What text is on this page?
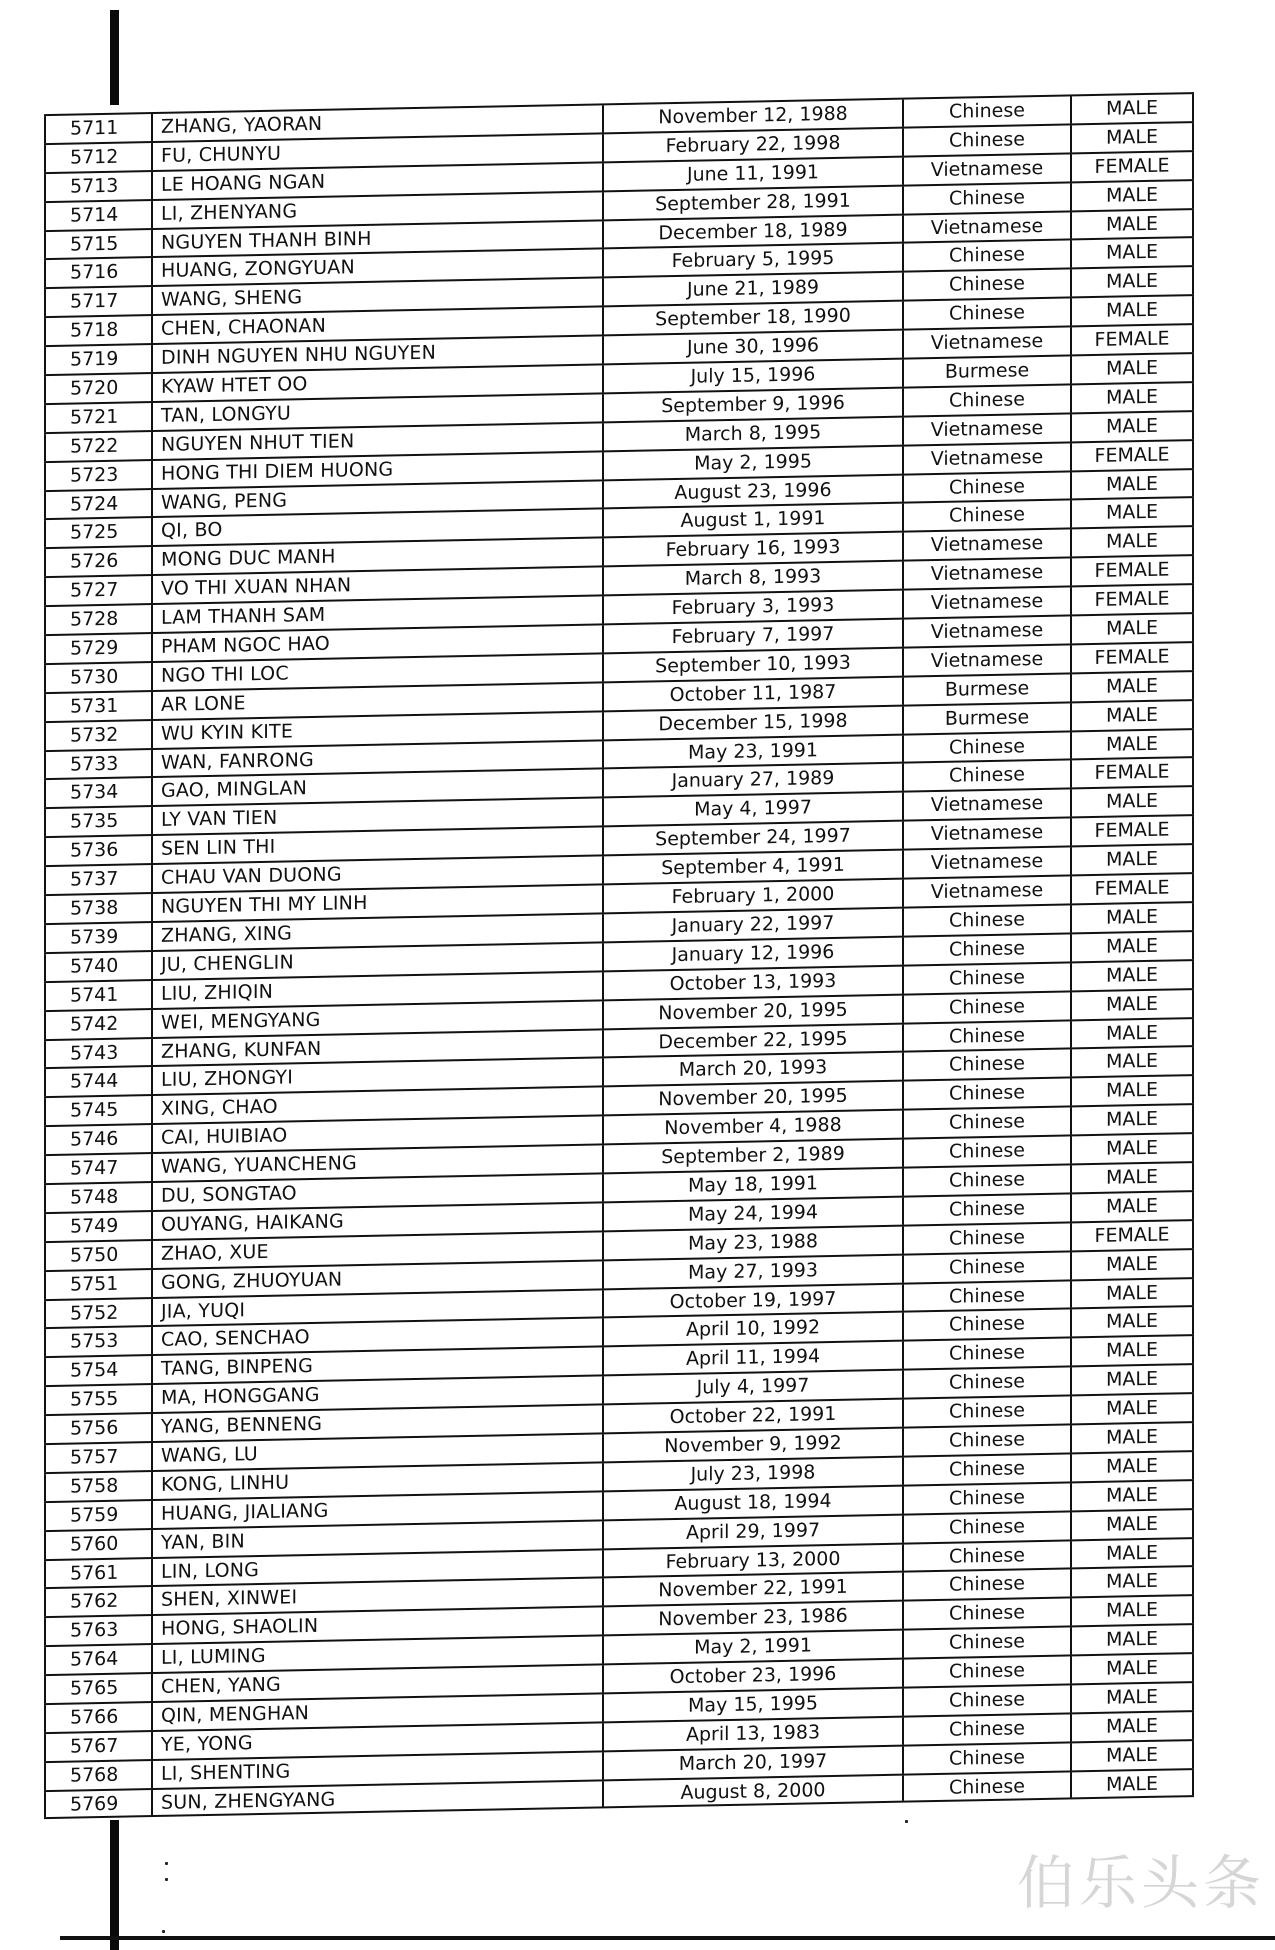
5711	ZHANG, YAORAN	November 12, 1988	Chinese	MALE
5712	FU, CHUNYU	February 22, 1998	Chinese	MALE
5713	LE HOANG NGAN	June 11, 1991	Vietnamese	FEMALE
5714	LI, ZHENYANG	September 28, 1991	Chinese	MALE
5715	NGUYEN THANH BINH	December 18, 1989	Vietnamese	MALE
5716	HUANG, ZONGYUAN	February 5, 1995	Chinese	MALE
5717	WANG, SHENG	June 21, 1989	Chinese	MALE
5718	CHEN, CHAONAN	September 18, 1990	Chinese	MALE
5719	DINH NGUYEN NHU NGUYEN	June 30, 1996	Vietnamese	FEMALE
5720	KYAW HTET OO	July 15, 1996	Burmese	MALE
5721	TAN, LONGYU	September 9, 1996	Chinese	MALE
5722	NGUYEN NHUT TIEN	March 8, 1995	Vietnamese	MALE
5723	HONG THI DIEM HUONG	May 2, 1995	Vietnamese	FEMALE
5724	WANG, PENG	August 23, 1996	Chinese	MALE
5725	QI, BO	August 1, 1991	Chinese	MALE
5726	MONG DUC MANH	February 16, 1993	Vietnamese	MALE
5727	VO THI XUAN NHAN	March 8, 1993	Vietnamese	FEMALE
5728	LAM THANH SAM	February 3, 1993	Vietnamese	FEMALE
5729	PHAM NGOC HAO	February 7, 1997	Vietnamese	MALE
5730	NGO THI LOC	September 10, 1993	Vietnamese	FEMALE
5731	AR LONE	October 11, 1987	Burmese	MALE
5732	WU KYIN KITE	December 15, 1998	Burmese	MALE
5733	WAN, FANRONG	May 23, 1991	Chinese	MALE
5734	GAO, MINGLAN	January 27, 1989	Chinese	FEMALE
5735	LY VAN TIEN	May 4, 1997	Vietnamese	MALE
5736	SEN LIN THI	September 24, 1997	Vietnamese	FEMALE
5737	CHAU VAN DUONG	September 4, 1991	Vietnamese	MALE
5738	NGUYEN THI MY LINH	February 1, 2000	Vietnamese	FEMALE
5739	ZHANG, XING	January 22, 1997	Chinese	MALE
5740	JU, CHENGLIN	January 12, 1996	Chinese	MALE
5741	LIU, ZHIQIN	October 13, 1993	Chinese	MALE
5742	WEI, MENGYANG	November 20, 1995	Chinese	MALE
5743	ZHANG, KUNFAN	December 22, 1995	Chinese	MALE
5744	LIU, ZHONGYI	March 20, 1993	Chinese	MALE
5745	XING, CHAO	November 20, 1995	Chinese	MALE
5746	CAI, HUIBIAO	November 4, 1988	Chinese	MALE
5747	WANG, YUANCHENG	September 2, 1989	Chinese	MALE
5748	DU, SONGTAO	May 18, 1991	Chinese	MALE
5749	OUYANG, HAIKANG	May 24, 1994	Chinese	MALE
5750	ZHAO, XUE	May 23, 1988	Chinese	FEMALE
5751	GONG, ZHUOYUAN	May 27, 1993	Chinese	MALE
5752	JIA, YUQI	October 19, 1997	Chinese	MALE
5753	CAO, SENCHAO	April 10, 1992	Chinese	MALE
5754	TANG, BINPENG	April 11, 1994	Chinese	MALE
5755	MA, HONGGANG	July 4, 1997	Chinese	MALE
5756	YANG, BENNENG	October 22, 1991	Chinese	MALE
5757	WANG, LU	November 9, 1992	Chinese	MALE
5758	KONG, LINHU	July 23, 1998	Chinese	MALE
5759	HUANG, JIALIANG	August 18, 1994	Chinese	MALE
5760	YAN, BIN	April 29, 1997	Chinese	MALE
5761	LIN, LONG	February 13, 2000	Chinese	MALE
5762	SHEN, XINWEI	November 22, 1991	Chinese	MALE
5763	HONG, SHAOLIN	November 23, 1986	Chinese	MALE
5764	LI, LUMING	May 2, 1991	Chinese	MALE
5765	CHEN, YANG	October 23, 1996	Chinese	MALE
5766	QIN, MENGHAN	May 15, 1995	Chinese	MALE
5767	YE, YONG	April 13, 1983	Chinese	MALE
5768	LI, SHENTING	March 20, 1997	Chinese	MALE
5769	SUN, ZHENGYANG	August 8, 2000	Chinese	MALE
伯乐头条
